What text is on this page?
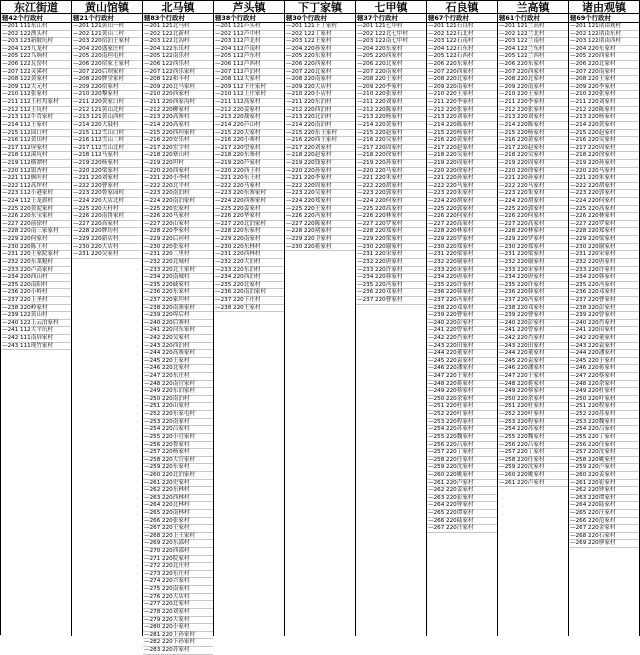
东江街道
辖42个行政村
—201 111东江村
—202 122渔头村
—203 123新陂坑村
—204 123九龙村
—205 122乌垧村
—206 122瓦窑村
—207 122灵溪村
—208 122黄家村
—209 112大元村
—210 112张家村
—211 112王杜坞家村
—212 112王坑村
—213 112牛背家村
—214 112王家村
—215 112园口村
—216 112黄田村
—217 112屏家村
—218 112溪坑村
—219 112横潭村
—220 112银杏村
—221 112枫叶村
—222 112高坪村
—223 112小港家村
—224 112上龙旗村
—225 220黄泥家村
—226 220东宝家村
—227 220前徐村
—228 220南三家家村
—229 220何家村
—230 220陈王村
—231 220王家院家村
—232 220东莱魁村
—233 220卢高家村
—234 220西山村
—235 220南阳村
—236 220小岭村
—237 220上圣村
—238 220岭家村
—239 122黄山村
—240 122上云泊家村
—241 112大平坑村
—242 111南屏家村
—243 111现竹家村
黄山馆镇
辖21个行政村
—201 121黄山一村
—202 121黄山二村
—203 220宿泊王家村
—204 220盛家庄村
—205 220南坦屯村
—206 220宿家王家村
—207 220后坝家村
—208 220牌堂家村
—209 220宿家村
—210 220黎家村
—211 220黄家口村
—212 121黄山北村
—213 121黄山西村
—214 220大鼓村
—215 112雪山口村
—216 112雪山二村
—217 112雪山北村
—218 112马家村
—219 220杨家村
—220 220梁家村
—221 220刘家村
—222 220曹家村
—223 220鲁家园村
—224 220大店北村
—225 220天村村
—226 220南鲁家村
—227 220高家村
—228 220牌坊村
—229 220新店村
—230 220大店村
—231 220吴家村
北马镇
辖83个行政村
—201 121北马村
—202 122北新村
—203 122北沟村
—204 122东乐村
—205 122南乐村
—206 122西乐村
—207 122西乐家村
—208 122和丰村
—209 220北马家村
—210 220西家村
—211 220西家沟村
—212 220柳家村
—213 220高寨村
—214 220高家村
—215 220西坦家村
—216 220安乐村
—217 220宏宇村
—218 220寨山村
—219 220坦村
—220 220西家村
—221 220小李村
—222 220北平村
—223 220南泊村
—224 220南泊家村
—225 220宏家村
—226 220马家村
—227 220山家村
—228 220李家村
—229 220后河村
—230 220张家村
—231 220二里村
—232 220北城村
—233 220北王家村
—234 220南城村
—235 220戚家村
—236 220东家村
—237 220家坦村
—238 220南寨家村
—239 220埠后村
—240 220后寨村
—241 220河东家村
—242 220吴家村
—243 220西泊村
—244 220高寨家村
—245 220王家村
—246 220北家村
—247 220东庄村
—248 220南官家村
—249 220东泊家村
—250 220南泊村
—251 220山家村
—252 220东家屯村
—253 220南家村
—254 220吕家村
—255 220小官家村
—256 220鲁家村
—257 220杨家村
—258 220大官家村
—259 220东家村
—260 220北泊家村
—261 220史家村
—262 220东林村
—263 220西林村
—264 220北林村
—265 220南林村
—266 220张家村
—267 220王家村
—268 220上王家村
—269 220东邵村
—270 220西邵村
—271 220院家村
—272 220北庄村
—273 220东庄村
—274 220兴家村
—275 220南家村
—276 220大店村
—277 220北家村
—278 220刘家村
—279 220大家村
—280 220小家村
—281 220上孙家村
—282 220下孙家村
—283 220苏家村
芦头镇
辖38个行政村
—201 121芦头村
—202 112芦中村
—203 112芦北村
—204 112芦南村
—205 112芦东村
—206 112芦西村
—207 112芦泊村
—208 112大家村
—209 112下庄家村
—210 112上庄家村
—211 112高家村
—212 220姜家村
—213 220战家村
—214 220芦山村
—215 220大家村
—216 220小寨村
—217 220望家村
—218 220东寨村
—219 220芦家村
—220 220西王村
—221 220东王村
—222 220马家村
—223 220东寨家村
—224 220西寨家村
—225 220姜家村
—226 220华家村
—227 220北泊家村
—228 220东家村
—229 220南家村
—230 220东林村
—231 220西林村
—232 220大泊村
—233 220东泊村
—234 220西泊村
—235 220北家村
—236 220南泊家村
—237 220下庄村
—238 220王家村
下丁家镇
辖30个行政村
—201 121下丁家村
—202 122丁家村
—203 122王家村
—204 220孙家村
—205 220东家村
—206 220西家村
—207 220北家村
—208 220南家村
—209 220大店村
—210 220小店村
—211 220东泊村
—212 220西泊村
—213 220北泊村
—214 220南泊村
—215 220东王家村
—216 220西王家村
—217 220刘家村
—218 220赵家村
—219 220钱家村
—220 220孙家村
—221 220李家村
—222 220周家村
—223 220吴家村
—224 220郑家村
—225 220王家村
—226 220冯家村
—227 220陈家村
—228 220褚家村
—229 220卫家村
—230 220蒋家村
七甲镇
辖37个行政村
—201 121七甲村
—202 122北七甲村
—203 122南七甲村
—204 220东家村
—205 220西家村
—206 220北家村
—207 220南家村
—208 220王家村
—209 220李家村
—210 220张家村
—211 220刘家村
—212 220陈家村
—213 220杨家村
—214 220黄家村
—215 220赵家村
—216 220吴家村
—217 220周家村
—218 220徐家村
—219 220孙家村
—220 220马家村
—221 220朱家村
—222 220胡家村
—223 220郭家村
—224 220何家村
—225 220高家村
—226 220林家村
—227 220罗家村
—228 220郑家村
—229 220梁家村
—230 220谢家村
—231 220宋家村
—232 220唐家村
—233 220许家村
—234 220韩家村
—235 220冯家村
—236 220邓家村
—237 220曹家村
石良镇
辖67个行政村
—201 121石良村
—202 122石北村
—203 122石南村
—204 122石东村
—205 122石西村
—206 220东家村
—207 220西家村
—208 220北家村
—209 220南家村
—210 220王家村
—211 220李家村
—212 220张家村
—213 220刘家村
—214 220陈家村
—215 220杨家村
—216 220黄家村
—217 220赵家村
—218 220吴家村
—219 220周家村
—220 220徐家村
—221 220孙家村
—222 220马家村
—223 220朱家村
—224 220胡家村
—225 220郭家村
—226 220何家村
—227 220高家村
—228 220林家村
—229 220罗家村
—230 220郑家村
—231 220梁家村
—232 220谢家村
—233 220宋家村
—234 220唐家村
—235 220许家村
—236 220韩家村
—237 220冯家村
—238 220邓家村
—239 220曹家村
—240 220彭家村
—241 220曾家村
—242 220肖家村
—243 220田家村
—244 220董家村
—245 220袁家村
—246 220潘家村
—247 220于家村
—248 220蒋家村
—249 220蔡家村
—250 220余家村
—251 220杜家村
—252 220叶家村
—253 220程家村
—254 220苏家村
—255 220魏家村
—256 220吕家村
—257 220丁家村
—258 220任家村
—259 220沈家村
—260 220姚家村
—261 220卢家村
—262 220姜家村
—263 220崔家村
—264 220钟家村
—265 220谭家村
—266 220陆家村
—267 220汪家村
兰高镇
辖61个行政村
—201 121兰高村
—202 122兰北村
—203 122兰南村
—204 122兰东村
—205 122兰西村
—206 220东家村
—207 220西家村
—208 220北家村
—209 220南家村
—210 220王家村
—211 220李家村
—212 220张家村
—213 220刘家村
—214 220陈家村
—215 220杨家村
—216 220黄家村
—217 220赵家村
—218 220吴家村
—219 220周家村
—220 220徐家村
—221 220孙家村
—222 220马家村
—223 220朱家村
—224 220胡家村
—225 220郭家村
—226 220何家村
—227 220高家村
—228 220林家村
—229 220罗家村
—230 220郑家村
—231 220梁家村
—232 220谢家村
—233 220宋家村
—234 220唐家村
—235 220许家村
—236 220韩家村
—237 220冯家村
—238 220邓家村
—239 220曹家村
—240 220彭家村
—241 220曾家村
—242 220肖家村
—243 220田家村
—244 220董家村
—245 220袁家村
—246 220潘家村
—247 220于家村
—248 220蒋家村
—249 220蔡家村
—250 220余家村
—251 220杜家村
—252 220叶家村
—253 220程家村
—254 220苏家村
—255 220魏家村
—256 220吕家村
—257 220丁家村
—258 220任家村
—259 220沈家村
—260 220姚家村
—261 220卢家村
诸由观镇
辖69个行政村
—201 121诸由观村
—202 122诸由东村
—203 122诸由西村
—204 220东家村
—205 220西家村
—206 220北家村
—207 220南家村
—208 220王家村
—209 220李家村
—210 220张家村
—211 220刘家村
—212 220陈家村
—213 220杨家村
—214 220黄家村
—215 220赵家村
—216 220吴家村
—217 220周家村
—218 220徐家村
—219 220孙家村
—220 220马家村
—221 220朱家村
—222 220胡家村
—223 220郭家村
—224 220何家村
—225 220高家村
—226 220林家村
—227 220罗家村
—228 220郑家村
—229 220梁家村
—230 220谢家村
—231 220宋家村
—232 220唐家村
—233 220许家村
—234 220韩家村
—235 220冯家村
—236 220邓家村
—237 220曹家村
—238 220彭家村
—239 220曾家村
—240 220肖家村
—241 220田家村
—242 220董家村
—243 220袁家村
—244 220潘家村
—245 220于家村
—246 220蒋家村
—247 220蔡家村
—248 220余家村
—249 220杜家村
—250 220叶家村
—251 220程家村
—252 220苏家村
—253 220魏家村
—254 220吕家村
—255 220丁家村
—256 220任家村
—257 220沈家村
—258 220姚家村
—259 220卢家村
—260 220姜家村
—261 220崔家村
—262 220钟家村
—263 220谭家村
—264 220陆家村
—265 220汪家村
—266 220范家村
—267 220金家村
—268 220石家村
—269 220廖家村
